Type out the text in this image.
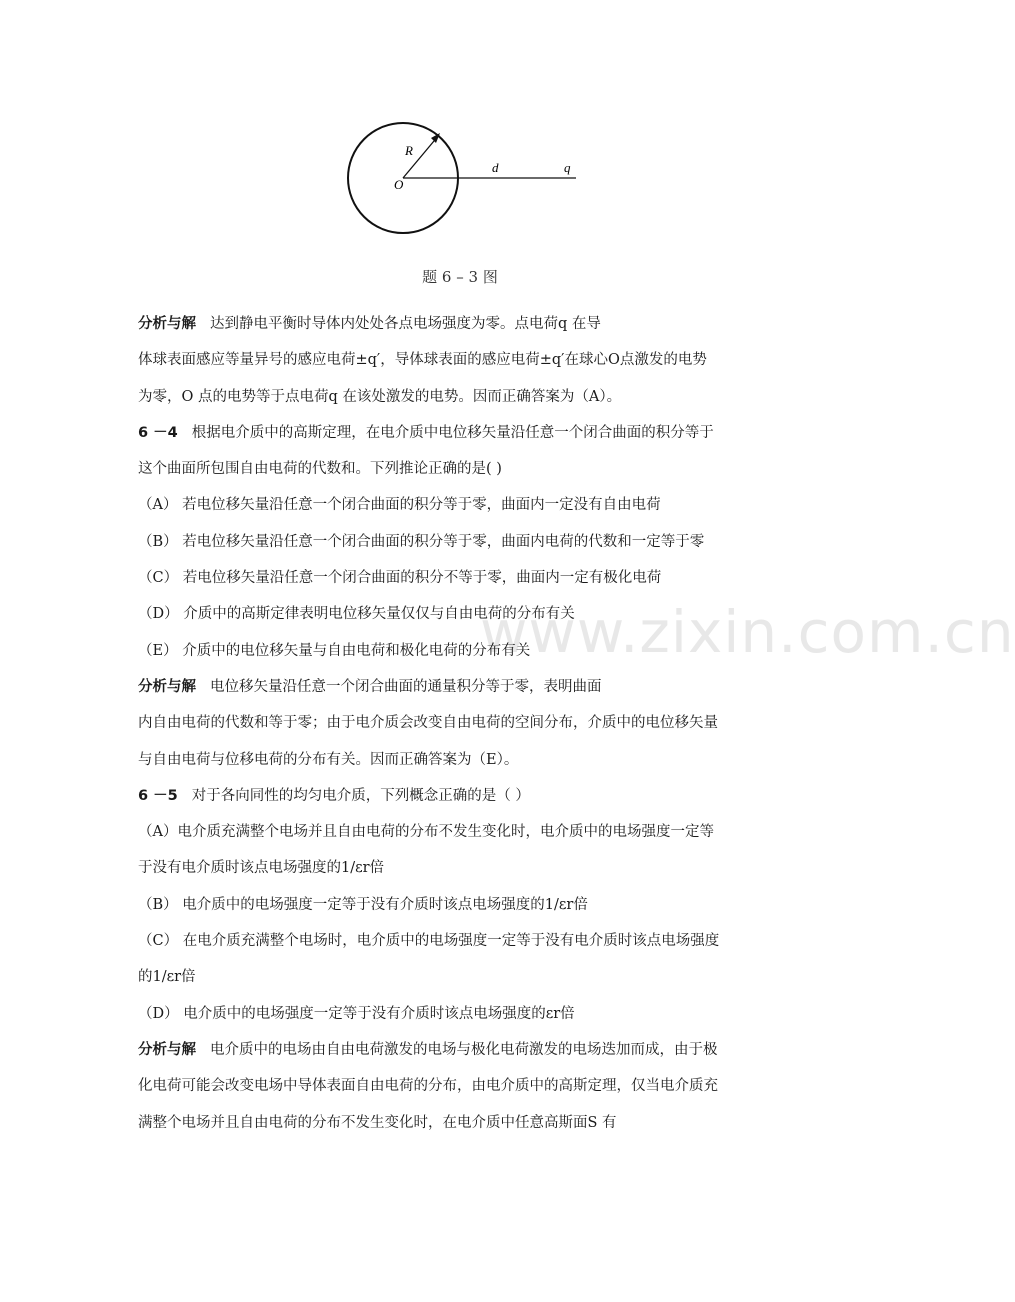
www.zixin.com.cn
R
O
d	q
题 6 – 3 图
分析与解 达到静电平衡时导体内处处各点电场强度为零。点电荷q 在导
体球表面感应等量异号的感应电荷±q′，导体球表面的感应电荷±q′在球心O点激发的电势
为零，O 点的电势等于点电荷q 在该处激发的电势。因而正确答案为（A）。
6 －4 根据电介质中的高斯定理，在电介质中电位移矢量沿任意一个闭合曲面的积分等于
这个曲面所包围自由电荷的代数和。下列推论正确的是( )
（A） 若电位移矢量沿任意一个闭合曲面的积分等于零，曲面内一定没有自由电荷
（B） 若电位移矢量沿任意一个闭合曲面的积分等于零，曲面内电荷的代数和一定等于零
（C） 若电位移矢量沿任意一个闭合曲面的积分不等于零，曲面内一定有极化电荷
（D） 介质中的高斯定律表明电位移矢量仅仅与自由电荷的分布有关
（E） 介质中的电位移矢量与自由电荷和极化电荷的分布有关
分析与解 电位移矢量沿任意一个闭合曲面的通量积分等于零，表明曲面
内自由电荷的代数和等于零；由于电介质会改变自由电荷的空间分布，介质中的电位移矢量
与自由电荷与位移电荷的分布有关。因而正确答案为（E）。
6 －5 对于各向同性的均匀电介质，下列概念正确的是（ ）
（A）电介质充满整个电场并且自由电荷的分布不发生变化时，电介质中的电场强度一定等
于没有电介质时该点电场强度的1/εr倍
（B） 电介质中的电场强度一定等于没有介质时该点电场强度的1/εr倍
（C） 在电介质充满整个电场时，电介质中的电场强度一定等于没有电介质时该点电场强度
的1/εr倍
（D） 电介质中的电场强度一定等于没有介质时该点电场强度的εr倍
分析与解 电介质中的电场由自由电荷激发的电场与极化电荷激发的电场迭加而成，由于极
化电荷可能会改变电场中导体表面自由电荷的分布，由电介质中的高斯定理，仅当电介质充
满整个电场并且自由电荷的分布不发生变化时，在电介质中任意高斯面S 有
